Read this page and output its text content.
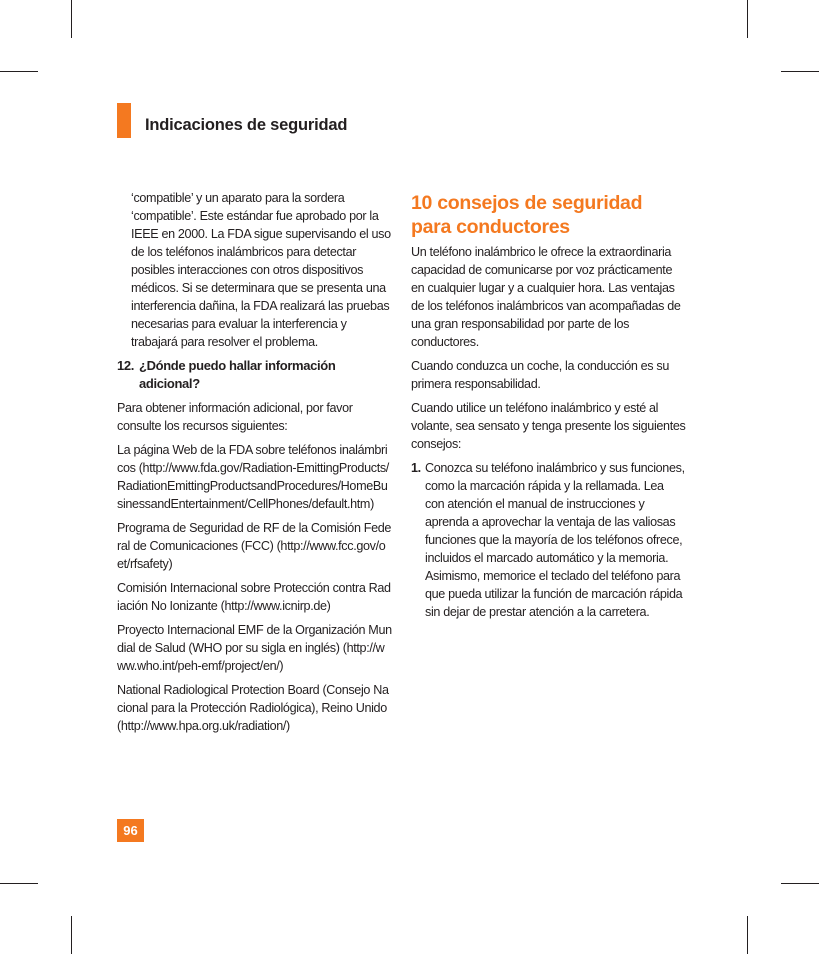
Indicaciones de seguridad

‘compatible’ y un aparato para la sordera ‘compatible’. Este estándar fue aprobado por la IEEE en 2000. La FDA sigue supervisando el uso de los teléfonos inalámbricos para detectar posibles interacciones con otros dispositivos médicos. Si se determinara que se presenta una interferencia dañina, la FDA realizará las pruebas necesarias para evaluar la interferencia y trabajará para resolver el problema.

12. ¿Dónde puedo hallar información adicional?

Para obtener información adicional, por favor consulte los recursos siguientes:

La página Web de la FDA sobre teléfonos inalámbricos (http://www.fda.gov/Radiation-EmittingProducts/RadiationEmittingProductsandProcedures/HomeBusinessandEntertainment/CellPhones/default.htm)

Programa de Seguridad de RF de la Comisión Federal de Comunicaciones (FCC) (http://www.fcc.gov/oet/rfsafety)

Comisión Internacional sobre Protección contra Radiación No Ionizante (http://www.icnirp.de)

Proyecto Internacional EMF de la Organización Mundial de Salud (WHO por su sigla en inglés) (http://www.who.int/peh-emf/project/en/)

National Radiological Protection Board (Consejo Nacional para la Protección Radiológica), Reino Unido (http://www.hpa.org.uk/radiation/)

10 consejos de seguridad para conductores

Un teléfono inalámbrico le ofrece la extraordinaria capacidad de comunicarse por voz prácticamente en cualquier lugar y a cualquier hora. Las ventajas de los teléfonos inalámbricos van acompañadas de una gran responsabilidad por parte de los conductores.

Cuando conduzca un coche, la conducción es su primera responsabilidad.

Cuando utilice un teléfono inalámbrico y esté al volante, sea sensato y tenga presente los siguientes consejos:

1. Conozca su teléfono inalámbrico y sus funciones, como la marcación rápida y la rellamada. Lea con atención el manual de instrucciones y aprenda a aprovechar la ventaja de las valiosas funciones que la mayoría de los teléfonos ofrece, incluidos el marcado automático y la memoria. Asimismo, memorice el teclado del teléfono para que pueda utilizar la función de marcación rápida sin dejar de prestar atención a la carretera.
96
